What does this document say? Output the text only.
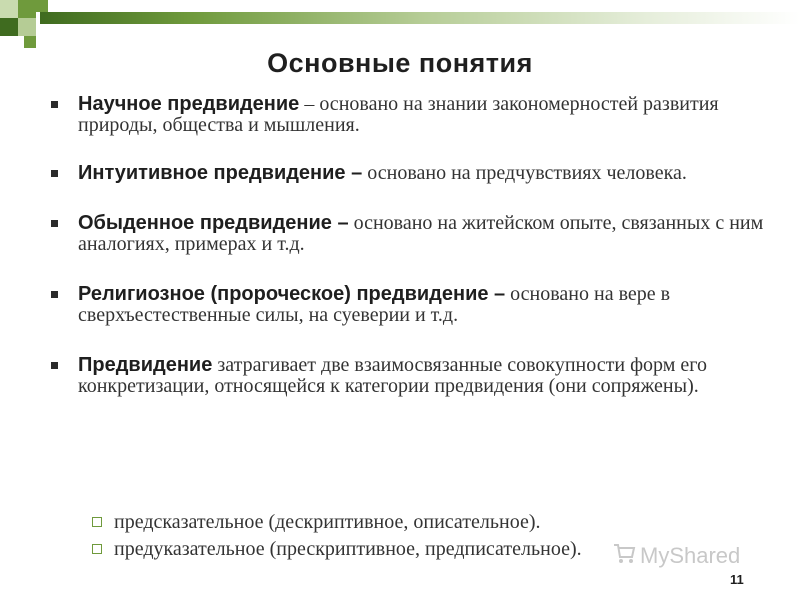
Основные понятия
Научное предвидение – основано на знании закономерностей развития природы, общества и мышления.
Интуитивное предвидение – основано на предчувствиях человека.
Обыденное предвидение – основано на житейском опыте, связанных с ним аналогиях, примерах и т.д.
Религиозное (пророческое) предвидение – основано на вере в сверхъестественные силы, на суеверии и т.д.
Предвидение затрагивает две взаимосвязанные совокупности форм его конкретизации, относящейся к категории предвидения (они сопряжены).
предсказательное (дескриптивное, описательное).
предуказательное (прескриптивное, предписательное).	MyShared
11
